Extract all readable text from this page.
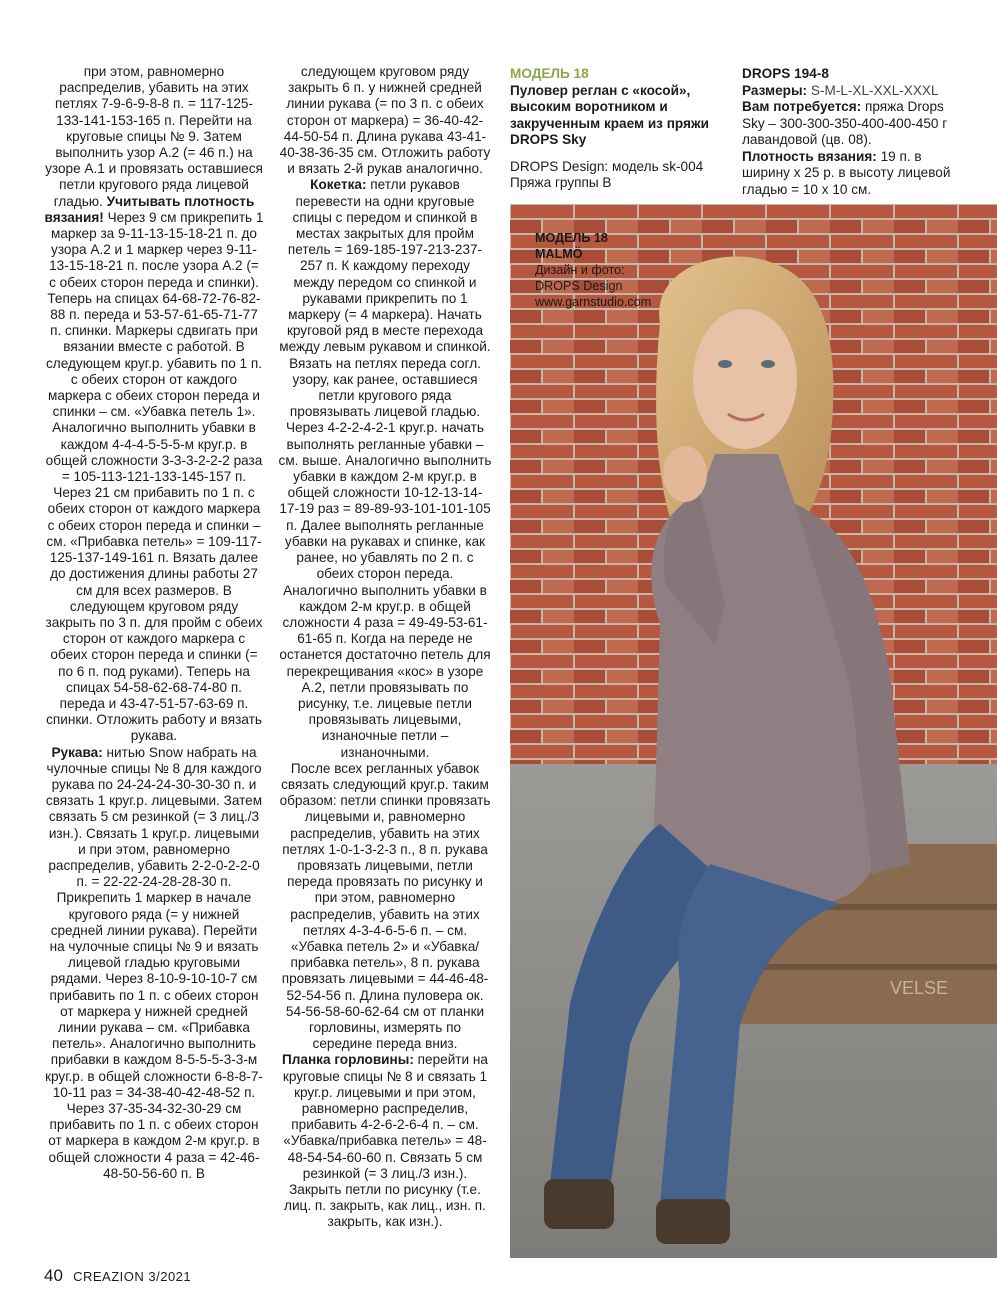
при этом, равномерно распределив, убавить на этих петлях 7-9-6-9-8-8 п. = 117-125-133-141-153-165 п. Перейти на круговые спицы № 9. Затем выполнить узор А.2 (= 46 п.) на узоре А.1 и провязать оставшиеся петли кругового ряда лицевой гладью. Учитывать плотность вязания! Через 9 см прикрепить 1 маркер за 9-11-13-15-18-21 п. до узора А.2 и 1 маркер через 9-11-13-15-18-21 п. после узора А.2 (= с обеих сторон переда и спинки). Теперь на спицах 64-68-72-76-82-88 п. переда и 53-57-61-65-71-77 п. спинки. Маркеры сдвигать при вязании вместе с работой. В следующем круг.р. убавить по 1 п. с обеих сторон от каждого маркера с обеих сторон переда и спинки – см. «Убавка петель 1». Аналогично выполнить убавки в каждом 4-4-4-5-5-5-м круг.р. в общей сложности 3-3-3-2-2-2 раза = 105-113-121-133-145-157 п. Через 21 см прибавить по 1 п. с обеих сторон от каждого маркера с обеих сторон переда и спинки – см. «Прибавка петель» = 109-117-125-137-149-161 п. Вязать далее до достижения длины работы 27 см для всех размеров. В следующем круговом ряду закрыть по 3 п. для пройм с обеих сторон от каждого маркера с обеих сторон переда и спинки (= по 6 п. под руками). Теперь на спицах 54-58-62-68-74-80 п. переда и 43-47-51-57-63-69 п. спинки. Отложить работу и вязать рукава.

Рукава: нитью Snow набрать на чулочные спицы № 8 для каждого рукава по 24-24-24-30-30-30 п. и связать 1 круг.р. лицевыми. Затем связать 5 см резинкой (= 3 лиц./3 изн.). Связать 1 круг.р. лицевыми и при этом, равномерно распределив, убавить 2-2-0-2-2-0 п. = 22-22-24-28-28-30 п. Прикрепить 1 маркер в начале кругового ряда (= у нижней средней линии рукава). Перейти на чулочные спицы № 9 и вязать лицевой гладью круговыми рядами. Через 8-10-9-10-10-7 см прибавить по 1 п. с обеих сторон от маркера у нижней средней линии рукава – см. «Прибавка петель». Аналогично выполнить прибавки в каждом 8-5-5-5-3-3-м круг.р. в общей сложности 6-8-8-7-10-11 раз = 34-38-40-42-48-52 п. Через 37-35-34-32-30-29 см прибавить по 1 п. с обеих сторон от маркера в каждом 2-м круг.р. в общей сложности 4 раза = 42-46-48-50-56-60 п. В

следующем круговом ряду закрыть 6 п. у нижней средней линии рукава (= по 3 п. с обеих сторон от маркера) = 36-40-42-44-50-54 п. Длина рукава 43-41-40-38-36-35 см. Отложить работу и вязать 2-й рукав аналогично.

Кокетка: петли рукавов перевести на одни круговые спицы с передом и спинкой в местах закрытых для пройм петель = 169-185-197-213-237-257 п. К каждому переходу между передом со спинкой и рукавами прикрепить по 1 маркеру (= 4 маркера). Начать круговой ряд в месте перехода между левым рукавом и спинкой. Вязать на петлях переда согл. узору, как ранее, оставшиеся петли кругового ряда провязывать лицевой гладью. Через 4-2-2-4-2-1 круг.р. начать выполнять регланные убавки – см. выше. Аналогично выполнить убавки в каждом 2-м круг.р. в общей сложности 10-12-13-14-17-19 раз = 89-89-93-101-101-105 п. Далее выполнять регланные убавки на рукавах и спинке, как ранее, но убавлять по 2 п. с обеих сторон переда. Аналогично выполнить убавки в каждом 2-м круг.р. в общей сложности 4 раза = 49-49-53-61-61-65 п. Когда на переде не останется достаточно петель для перекрещивания «кос» в узоре А.2, петли провязывать по рисунку, т.е. лицевые петли провязывать лицевыми, изнаночные петли – изнаночными.

После всех регланных убавок связать следующий круг.р. таким образом: петли спинки провязать лицевыми и, равномерно распределив, убавить на этих петлях 1-0-1-3-2-3 п., 8 п. рукава провязать лицевыми, петли переда провязать по рисунку и при этом, равномерно распределив, убавить на этих петлях 4-3-4-6-5-6 п. – см. «Убавка петель 2» и «Убавка/прибавка петель», 8 п. рукава провязать лицевыми = 44-46-48-52-54-56 п. Длина пуловера ок. 54-56-58-60-62-64 см от планки горловины, измерять по середине переда вниз.

Планка горловины: перейти на круговые спицы № 8 и связать 1 круг.р. лицевыми и при этом, равномерно распределив, прибавить 4-2-6-2-6-4 п. – см. «Убавка/прибавка петель» = 48-48-54-54-60-60 п. Связать 5 см резинкой (= 3 лиц./3 изн.). Закрыть петли по рисунку (т.е. лиц. п. закрыть, как лиц., изн. п. закрыть, как изн.).

МОДЕЛЬ 18
Пуловер реглан с «косой», высоким воротником и закрученным краем из пряжи DROPS Sky
DROPS Design: модель sk-004
Пряжа группы В
DROPS 194-8
Размеры: S-M-L-XL-XXL-XXXL
Вам потребуется: пряжа Drops Sky – 300-300-350-400-400-450 г лавандовой (цв. 08).
Плотность вязания: 19 п. в ширину х 25 р. в высоту лицевой гладью = 10 х 10 см.
VELSE
МОДЕЛЬ 18
MALMÖ
Дизайн и фото:
DROPS Design
www.garnstudio.com
40 CREAZION 3/2021
